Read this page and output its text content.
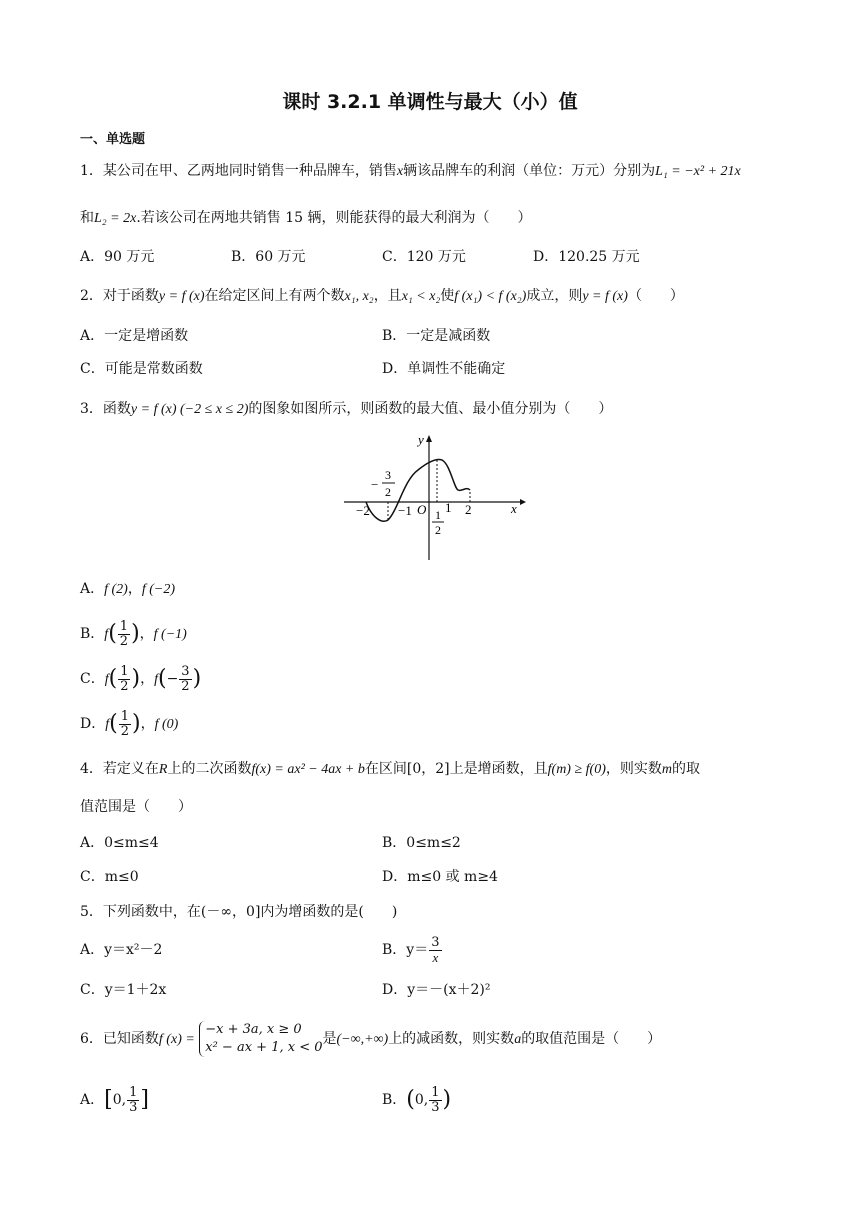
课时 3.2.1 单调性与最大（小）值
一、单选题
1．某公司在甲、乙两地同时销售一种品牌车，销售x辆该品牌车的利润（单位：万元）分别为L₁ = −x² + 21x
和L₂ = 2x.若该公司在两地共销售 15 辆，则能获得的最大利润为（　　）
A．90 万元	B．60 万元	C．120 万元	D．120.25 万元
2．对于函数y = f (x)在给定区间上有两个数x₁, x₂，且x₁ < x₂使f (x₁) < f (x₂)成立，则y = f (x)（　　）
A．一定是增函数	B．一定是减函数
C．可能是常数函数	D．单调性不能确定
3．函数y = f (x) (−2 ≤ x ≤ 2)的图象如图所示，则函数的最大值、最小值分别为（　　）
y
x
O
−2 −1	1 2
−
3
2
1
2
A．f (2)，f (−2)
B．$f( \frac{1}{2}$ )，f (−1)
C．$f( \frac{1}{2}$ )，$f(- \frac{3}{2}$ )
D．$f( \frac{1}{2}$ )，f (0)
4．若定义在R上的二次函数f(x) = ax² − 4ax + b在区间[0，2]上是增函数，且f(m) ≥ f(0)，则实数m的取
值范围是（　　）
A．0≤m≤4	B．0≤m≤2
C．m≤0	D．m≤0 或 m≥4
5．下列函数中，在(－∞，0]内为增函数的是(　　)
A．y＝x²－2	B．$y= \frac{3}{x}$
C．y＝1＋2x	D．y＝－(x＋2)²
6．已知函数f (x) =
−x + 3a, x ≥ 0
x² − ax + 1, x < 0
是(−∞,+∞)上的减函数，则实数a的取值范围是（　　）
A．[0, $\frac{1}{3}$ ]	B．(0, $\frac{1}{3}$ )
